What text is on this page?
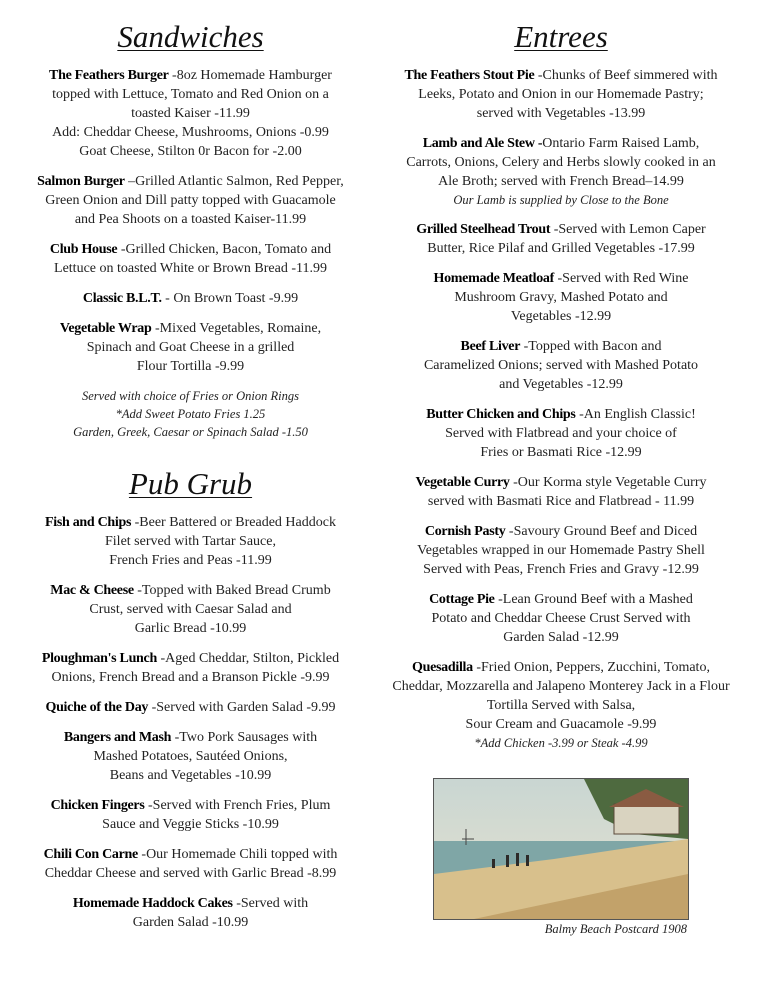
Sandwiches
The Feathers Burger -8oz Homemade Hamburger
topped with Lettuce, Tomato and Red Onion on a
toasted Kaiser -11.99
Add: Cheddar Cheese, Mushrooms, Onions -0.99
Goat Cheese, Stilton 0r Bacon for -2.00
Salmon Burger –Grilled Atlantic Salmon, Red Pepper,
Green Onion and Dill patty topped with Guacamole
and Pea Shoots on a toasted Kaiser-11.99
Club House -Grilled Chicken, Bacon, Tomato and
Lettuce on toasted White or Brown Bread -11.99
Classic B.L.T. - On Brown Toast -9.99
Vegetable Wrap -Mixed Vegetables, Romaine,
Spinach and Goat Cheese in a grilled
Flour Tortilla -9.99
Served with choice of Fries or Onion Rings
*Add Sweet Potato Fries 1.25
Garden, Greek, Caesar or Spinach Salad -1.50
Pub Grub
Fish and Chips -Beer Battered or Breaded Haddock
Filet served with Tartar Sauce,
French Fries and Peas -11.99
Mac & Cheese -Topped with Baked Bread Crumb
Crust, served with Caesar Salad and
Garlic Bread -10.99
Ploughman's Lunch -Aged Cheddar, Stilton, Pickled
Onions, French Bread and a Branson Pickle -9.99
Quiche of the Day -Served with Garden Salad -9.99
Bangers and Mash -Two Pork Sausages with
Mashed Potatoes, Sautéed Onions,
Beans and Vegetables -10.99
Chicken Fingers -Served with French Fries, Plum
Sauce and Veggie Sticks -10.99
Chili Con Carne -Our Homemade Chili topped with
Cheddar Cheese and served with Garlic Bread -8.99
Homemade Haddock Cakes -Served with
Garden Salad -10.99
Entrees
The Feathers Stout Pie -Chunks of Beef simmered with
Leeks, Potato and Onion in our Homemade Pastry;
served with Vegetables -13.99
Lamb and Ale Stew -Ontario Farm Raised Lamb,
Carrots, Onions, Celery and Herbs slowly cooked in an
Ale Broth; served with French Bread–14.99
Our Lamb is supplied by Close to the Bone
Grilled Steelhead Trout -Served with Lemon Caper
Butter, Rice Pilaf and Grilled Vegetables -17.99
Homemade Meatloaf -Served with Red Wine
Mushroom Gravy, Mashed Potato and
Vegetables -12.99
Beef Liver -Topped with Bacon and
Caramelized Onions; served with Mashed Potato
and Vegetables -12.99
Butter Chicken and Chips -An English Classic!
Served with Flatbread and your choice of
Fries or Basmati Rice -12.99
Vegetable Curry -Our Korma style Vegetable Curry
served with Basmati Rice and Flatbread - 11.99
Cornish Pasty -Savoury Ground Beef and Diced
Vegetables wrapped in our Homemade Pastry Shell
Served with Peas, French Fries and Gravy -12.99
Cottage Pie -Lean Ground Beef with a Mashed
Potato and Cheddar Cheese Crust Served with
Garden Salad -12.99
Quesadilla -Fried Onion, Peppers, Zucchini, Tomato,
Cheddar, Mozzarella and Jalapeno Monterey Jack in a Flour
Tortilla Served with Salsa,
Sour Cream and Guacamole -9.99
*Add Chicken -3.99 or Steak -4.99
Balmy Beach Postcard 1908
